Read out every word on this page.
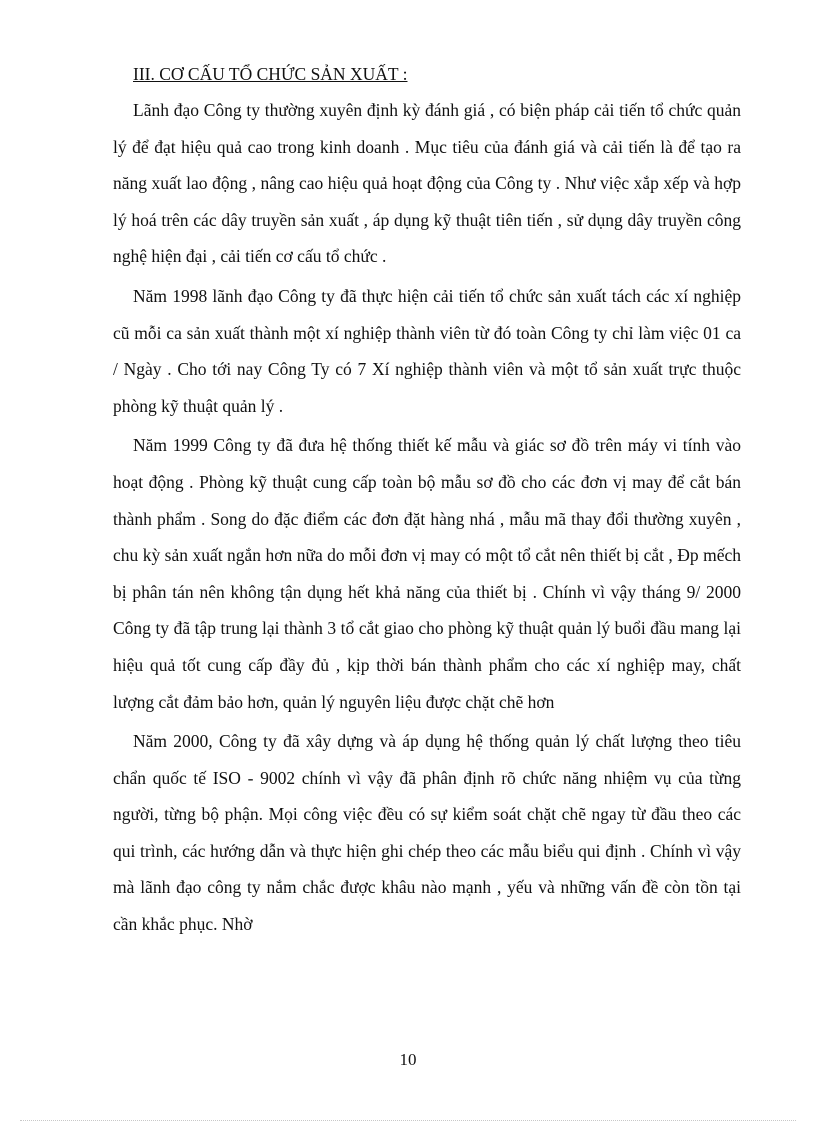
III. CƠ CẤU TỔ CHỨC SẢN XUẤT :

Lãnh đạo Công ty thường xuyên định kỳ đánh giá , có biện pháp cải tiến tổ chức quản lý để đạt hiệu quả cao trong kinh doanh . Mục tiêu của đánh giá và cải tiến là để tạo ra năng xuất lao động , nâng cao hiệu quả hoạt động của Công ty . Như việc xắp xếp và hợp lý hoá trên các dây truyền sản xuất , áp dụng kỹ thuật tiên tiến , sử dụng dây truyền công nghệ hiện đại , cải tiến cơ cấu tổ chức .

Năm 1998 lãnh đạo Công ty đã thực hiện cải tiến tổ chức sản xuất tách các xí nghiệp cũ mỗi ca sản xuất thành một xí nghiệp thành viên từ đó toàn Công ty chỉ làm việc 01 ca / Ngày . Cho tới nay Công Ty có 7 Xí nghiệp thành viên và một tổ sản xuất trực thuộc phòng kỹ thuật quản lý .

Năm 1999 Công ty đã đưa hệ thống thiết kế mẫu và giác sơ đồ trên máy vi tính vào hoạt động . Phòng kỹ thuật cung cấp toàn bộ mẫu sơ đồ cho các đơn vị may để cắt bán thành phẩm . Song do đặc điểm các đơn đặt hàng nhá , mẫu mã thay đổi thường xuyên , chu kỳ sản xuất ngắn hơn nữa do mỗi đơn vị may có một tổ cắt nên thiết bị cắt , Đp mếch bị phân tán nên không tận dụng hết khả năng của thiết bị . Chính vì vậy tháng 9/ 2000 Công ty đã tập trung lại thành 3 tổ cắt giao cho phòng kỹ thuật quản lý buổi đầu mang lại hiệu quả tốt cung cấp đầy đủ , kịp thời bán thành phẩm cho các xí nghiệp may, chất lượng cắt đảm bảo hơn, quản lý nguyên liệu được chặt chẽ hơn

Năm 2000, Công ty đã xây dựng và áp dụng hệ thống quản lý chất lượng theo tiêu chẩn quốc tế ISO - 9002 chính vì vậy đã phân định rõ chức năng nhiệm vụ của từng người, từng bộ phận. Mọi công việc đều có sự kiểm soát chặt chẽ ngay từ đầu theo các qui trình, các hướng dẫn và thực hiện ghi chép theo các mẫu biểu qui định . Chính vì vậy mà lãnh đạo công ty nắm chắc được khâu nào mạnh , yếu và những vấn đề còn tồn tại cần khắc phục. Nhờ

10
